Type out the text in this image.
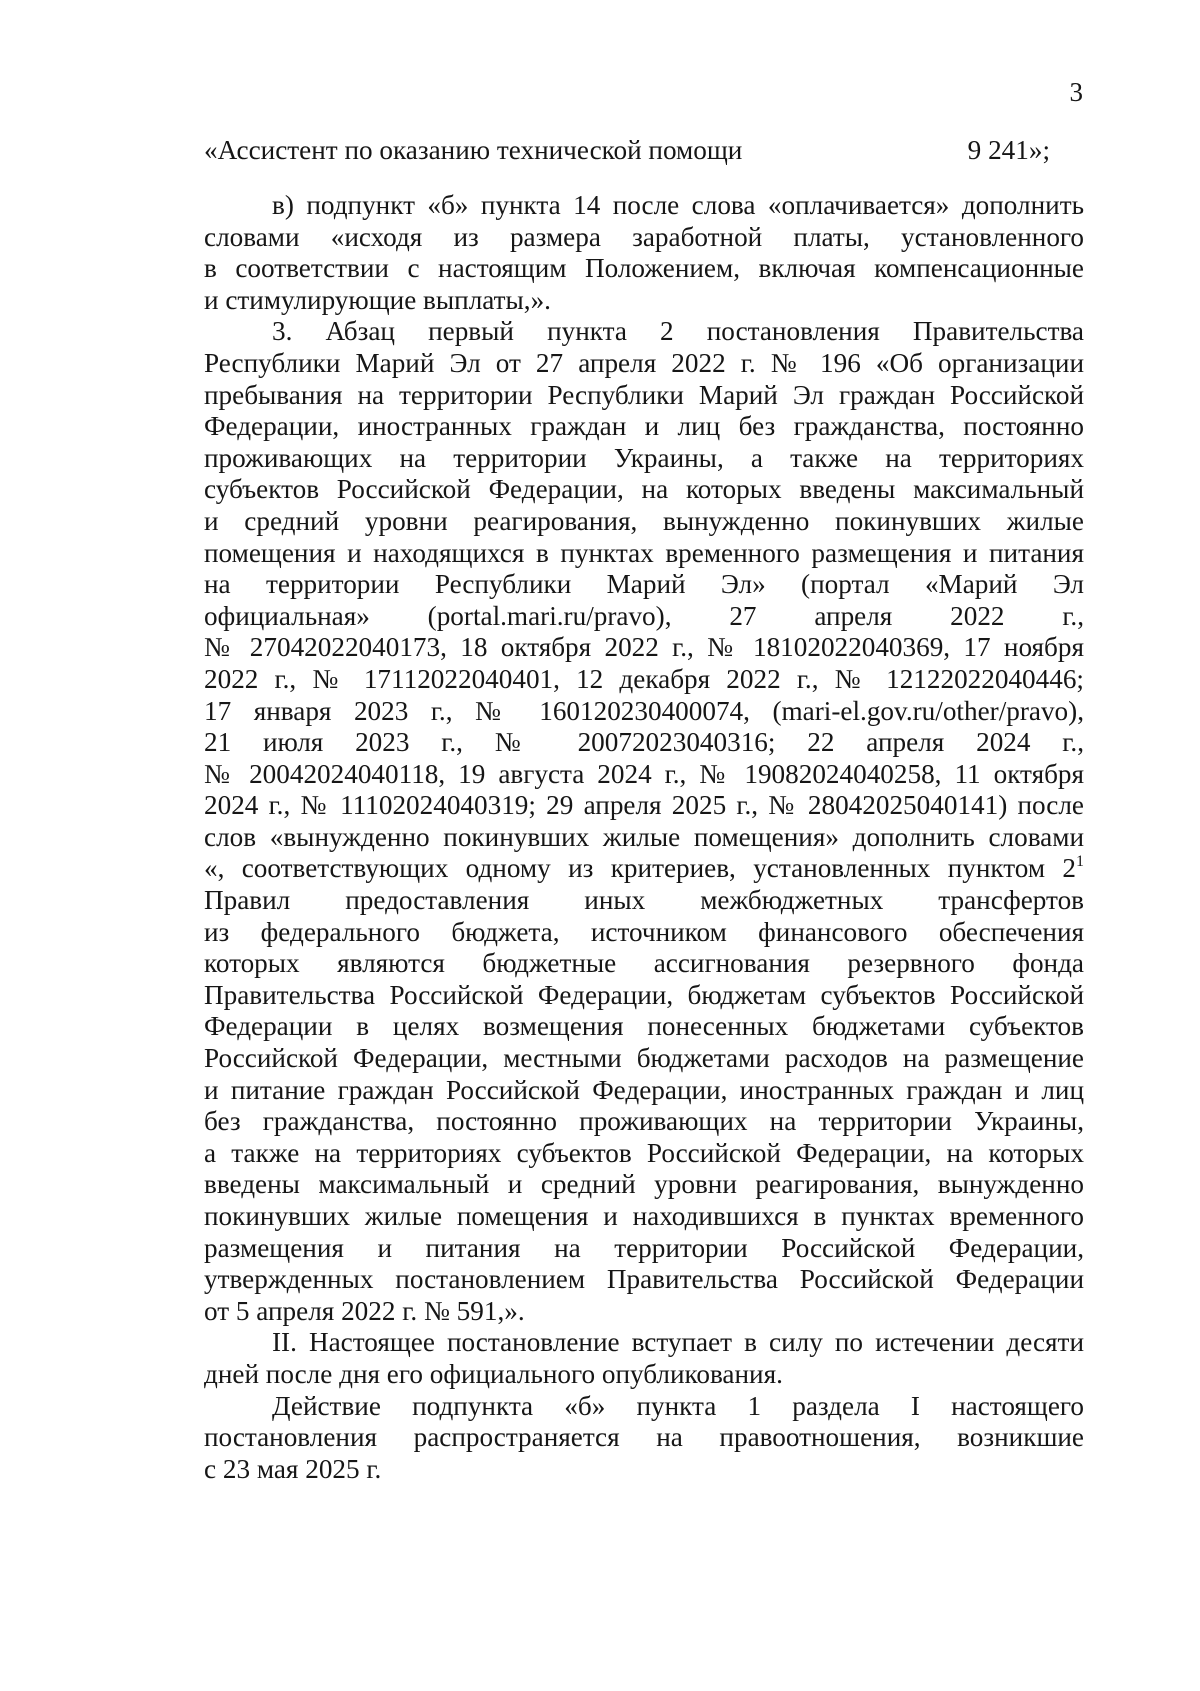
3
«Ассистент по оказанию технической помощи	9 241»;
в) подпункт «б» пункта 14 после слова «оплачивается» дополнить
словами «исходя из размера заработной платы, установленного
в соответствии с настоящим Положением, включая компенсационные
и стимулирующие выплаты,».
3. Абзац первый пункта 2 постановления Правительства
Республики Марий Эл от 27 апреля 2022 г. № 196 «Об организации
пребывания на территории Республики Марий Эл граждан Российской
Федерации, иностранных граждан и лиц без гражданства, постоянно
проживающих на территории Украины, а также на территориях
субъектов Российской Федерации, на которых введены максимальный
и средний уровни реагирования, вынужденно покинувших жилые
помещения и находящихся в пунктах временного размещения и питания
на территории Республики Марий Эл» (портал «Марий Эл
официальная» (portal.mari.ru/pravo), 27 апреля 2022 г.,
№ 27042022040173, 18 октября 2022 г., № 18102022040369, 17 ноября
2022 г., № 17112022040401, 12 декабря 2022 г., № 12122022040446;
17 января 2023 г., № 160120230400074, (mari-el.gov.ru/other/pravo),
21 июля 2023 г., № 20072023040316; 22 апреля 2024 г.,
№ 20042024040118, 19 августа 2024 г., № 19082024040258, 11 октября
2024 г., № 11102024040319; 29 апреля 2025 г., № 28042025040141) после
слов «вынужденно покинувших жилые помещения» дополнить словами
«, соответствующих одному из критериев, установленных пунктом $2^1$
Правил предоставления иных межбюджетных трансфертов
из федерального бюджета, источником финансового обеспечения
которых являются бюджетные ассигнования резервного фонда
Правительства Российской Федерации, бюджетам субъектов Российской
Федерации в целях возмещения понесенных бюджетами субъектов
Российской Федерации, местными бюджетами расходов на размещение
и питание граждан Российской Федерации, иностранных граждан и лиц
без гражданства, постоянно проживающих на территории Украины,
а также на территориях субъектов Российской Федерации, на которых
введены максимальный и средний уровни реагирования, вынужденно
покинувших жилые помещения и находившихся в пунктах временного
размещения и питания на территории Российской Федерации,
утвержденных постановлением Правительства Российской Федерации
от 5 апреля 2022 г. № 591,».
II. Настоящее постановление вступает в силу по истечении десяти
дней после дня его официального опубликования.
Действие подпункта «б» пункта 1 раздела I настоящего
постановления распространяется на правоотношения, возникшие
с 23 мая 2025 г.
